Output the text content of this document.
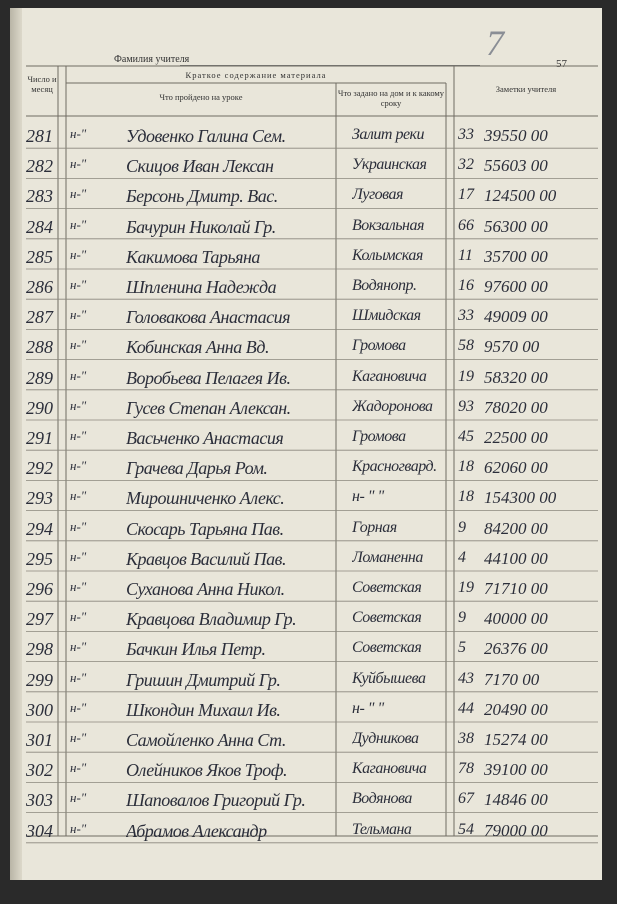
Фамилия учителя	7
57
Число и месяц
Краткое содержание материала
Что пройдено на уроке	Что задано на дом и к какому сроку
Заметки учителя
281	н-"	Удовенко Галина Сем.	Залит реки	33 39550 00
282	н-"	Скицов Иван Лексан	Украинская	32 55603 00
283	н-"	Берсонь Дмитр. Вас.	Луговая	17 124500 00
284	н-"	Бачурин Николай Гр.	Вокзальная	66 56300 00
285	н-"	Какимова Тарьяна	Колымская	11 35700 00
286	н-"	Шпленина Надежда	Водянопр.	16 97600 00
287	н-"	Головакова Анастасия	Шмидская	33 49009 00
288	н-"	Кобинская Анна Вд.	Громова	58 9570 00
289	н-"	Воробьева Пелагея Ив.	Кагановича	19 58320 00
290	н-"	Гусев Степан Алексан.	Жадоронова	93 78020 00
291	н-"	Васьченко Анастасия	Громова	45 22500 00
292	н-"	Грачева Дарья Ром.	Красногвард.	18 62060 00
293	н-"	Мирошниченко Алекс.	н- " "	18 154300 00
294	н-"	Скосарь Тарьяна Пав.	Горная	9	84200 00
295	н-"	Кравцов Василий Пав.	Ломаненна	4	44100 00
296	н-"	Суханова Анна Никол.	Советская	19 71710 00
297	н-"	Кравцова Владимир Гр.	Советская	9	40000 00
298	н-"	Бачкин Илья Петр.	Советская	5	26376 00
299	н-"	Гришин Дмитрий Гр.	Куйбышева	43 7170 00
300	н-"	Шкондин Михаил Ив.	н- " "	44 20490 00
301	н-"	Самойленко Анна Ст.	Дудникова	38 15274 00
302	н-"	Олейников Яков Троф.	Кагановича	78 39100 00
303	н-"	Шаповалов Григорий Гр.	Водянова	67 14846 00
304	н-"	Абрамов Александр	Тельмана	54 79000 00
